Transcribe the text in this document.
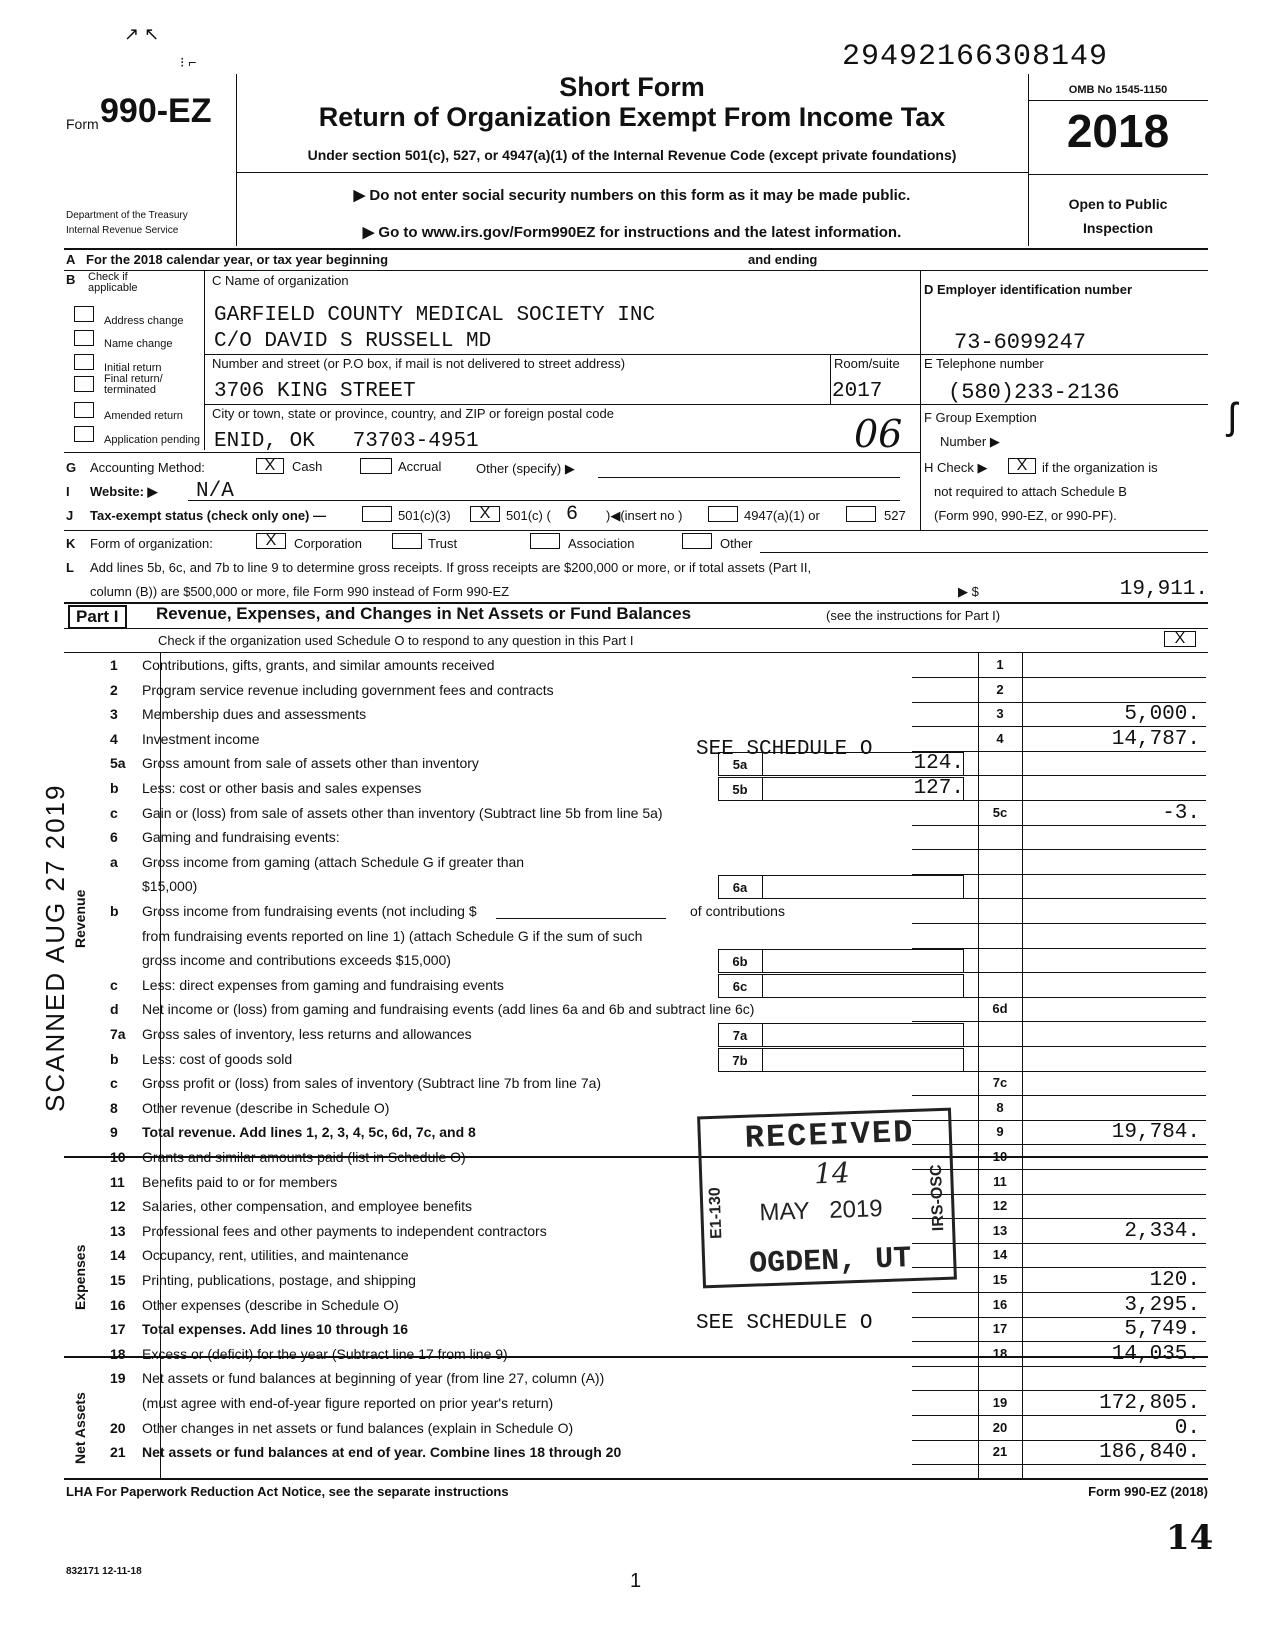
↗ ↖
⁝ ⌐	29492166308149
Form 990-EZ
Department of the Treasury
Internal Revenue Service
Short Form
Return of Organization Exempt From Income Tax
Under section 501(c), 527, or 4947(a)(1) of the Internal Revenue Code (except private foundations)
▶ Do not enter social security numbers on this form as it may be made public.
▶ Go to www.irs.gov/Form990EZ for instructions and the latest information.
OMB No 1545-1150
2018
Open to Public
Inspection
A For the 2018 calendar year, or tax year beginning	and ending
B Check if applicable
Address change
Name change
Initial return
Final return/ terminated
Amended return
Application pending
C Name of organization
GARFIELD COUNTY MEDICAL SOCIETY INC
C/O DAVID S RUSSELL MD
Number and street (or P.O box, if mail is not delivered to street address)	Room/suite
3706 KING STREET	2017
City or town, state or province, country, and ZIP or foreign postal code
ENID, OK   73703-4951	06
D Employer identification number
73-6099247
E Telephone number
(580)233-2136
F Group Exemption
Number ▶
ʃ
G Accounting Method:	X	Cash	Accrual	Other (specify) ▶	H Check ▶	X	if the organization is
not required to attach Schedule B
(Form 990, 990-EZ, or 990-PF).
I Website: ▶ N/A
J Tax-exempt status (check only one) —	501(c)(3)	X	501(c) ( 6 )◀(insert no )	4947(a)(1) or	527
K Form of organization:	X	Corporation	Trust	Association	Other
L Add lines 5b, 6c, and 7b to line 9 to determine gross receipts. If gross receipts are $200,000 or more, or if total assets (Part II,
column (B)) are $500,000 or more, file Form 990 instead of Form 990-EZ	▶ $	19,911.
Part I	Revenue, Expenses, and Changes in Net Assets or Fund Balances	(see the instructions for Part I)
Check if the organization used Schedule O to respond to any question in this Part I	X
Revenue
Expenses
Net Assets
SCANNED AUG 27 2019
1	Contributions, gifts, grants, and similar amounts received	1
2	Program service revenue including government fees and contracts	2
3	Membership dues and assessments	3	5,000.
4	Investment income	4	14,787.
5a	Gross amount from sale of assets other than inventory	5a	124.
b	Less: cost or other basis and sales expenses	5b	127.
c	Gain or (loss) from sale of assets other than inventory (Subtract line 5b from line 5a)	5c	-3.
6	Gaming and fundraising events:
a	Gross income from gaming (attach Schedule G if greater than
$15,000)	6a
b	Gross income from fundraising events (not including $	of contributions
from fundraising events reported on line 1) (attach Schedule G if the sum of such
gross income and contributions exceeds $15,000)	6b
c	Less: direct expenses from gaming and fundraising events	6c
d	Net income or (loss) from gaming and fundraising events (add lines 6a and 6b and subtract line 6c)	6d
7a	Gross sales of inventory, less returns and allowances	7a
b	Less: cost of goods sold	7b
c	Gross profit or (loss) from sales of inventory (Subtract line 7b from line 7a)	7c
8	Other revenue (describe in Schedule O)	8
9	Total revenue. Add lines 1, 2, 3, 4, 5c, 6d, 7c, and 8	9	19,784.
10	Grants and similar amounts paid (list in Schedule O)	10
11	Benefits paid to or for members	11
12	Salaries, other compensation, and employee benefits	12
13	Professional fees and other payments to independent contractors	13	2,334.
14	Occupancy, rent, utilities, and maintenance	14
15	Printing, publications, postage, and shipping	15	120.
16	Other expenses (describe in Schedule O)	16	3,295.
17	Total expenses. Add lines 10 through 16	17	5,749.
18	Excess or (deficit) for the year (Subtract line 17 from line 9)	18	14,035.
19	Net assets or fund balances at beginning of year (from line 27, column (A))
(must agree with end-of-year figure reported on prior year's return)	19	172,805.
20	Other changes in net assets or fund balances (explain in Schedule O)	20	0.
21	Net assets or fund balances at end of year. Combine lines 18 through 20	21	186,840.
SEE SCHEDULE O
SEE SCHEDULE O
RECEIVED
14
MAY   2019
E1-130	IRS-OSC
OGDEN, UT
LHA For Paperwork Reduction Act Notice, see the separate instructions	Form 990-EZ (2018)
14
832171 12-11-18	1
